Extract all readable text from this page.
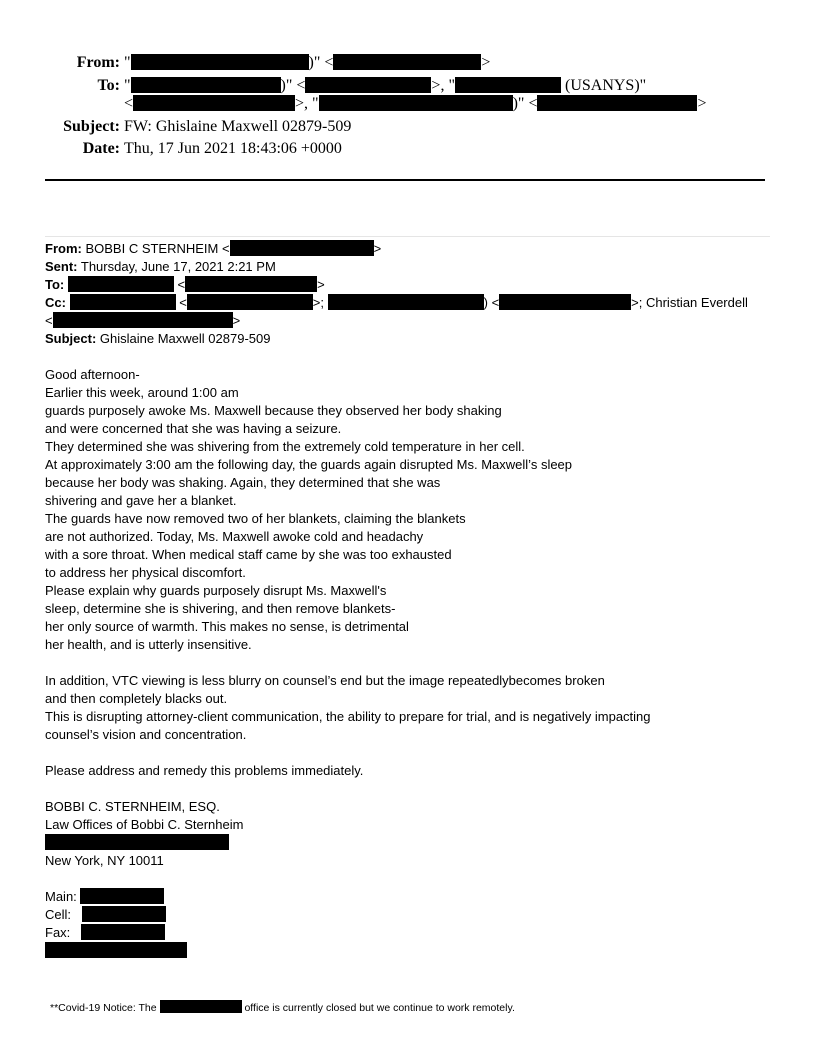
From: "	)" <	>
To: "	)" <	>, "	(USANYS)"
<	>, "	)" <	>
Subject: FW: Ghislaine Maxwell 02879-509
Date: Thu, 17 Jun 2021 18:43:06 +0000

From: BOBBI C STERNHEIM <	>

Sent: Thursday, June 17, 2021 2:21 PM

To:	<	>

Cc:	<	>;	) <	>; Christian Everdell

<	>

Subject: Ghislaine Maxwell 02879-509

Good afternoon-

Earlier this week, around 1:00 am

guards purposely awoke Ms. Maxwell because they observed her body shaking

and were concerned that she was having a seizure.

They determined she was shivering from the extremely cold temperature in her cell.

At approximately 3:00 am the following day, the guards again disrupted Ms. Maxwell’s sleep

because her body was shaking. Again, they determined that she was

shivering and gave her a blanket.

The guards have now removed two of her blankets, claiming the blankets

are not authorized. Today, Ms. Maxwell awoke cold and headachy

with a sore throat. When medical staff came by she was too exhausted

to address her physical discomfort.

Please explain why guards purposely disrupt Ms. Maxwell's

sleep, determine she is shivering, and then remove blankets-

her only source of warmth. This makes no sense, is detrimental

her health, and is utterly insensitive.

In addition, VTC viewing is less blurry on counsel’s end but the image repeatedlybecomes broken

and then completely blacks out.

This is disrupting attorney-client communication, the ability to prepare for trial, and is negatively impacting

counsel’s vision and concentration.

Please address and remedy this problems immediately.

BOBBI C. STERNHEIM, ESQ.

Law Offices of Bobbi C. Sternheim

New York, NY 10011

Main:

Cell:

Fax:

**Covid-19 Notice: The	office is currently closed but we continue to work remotely.
